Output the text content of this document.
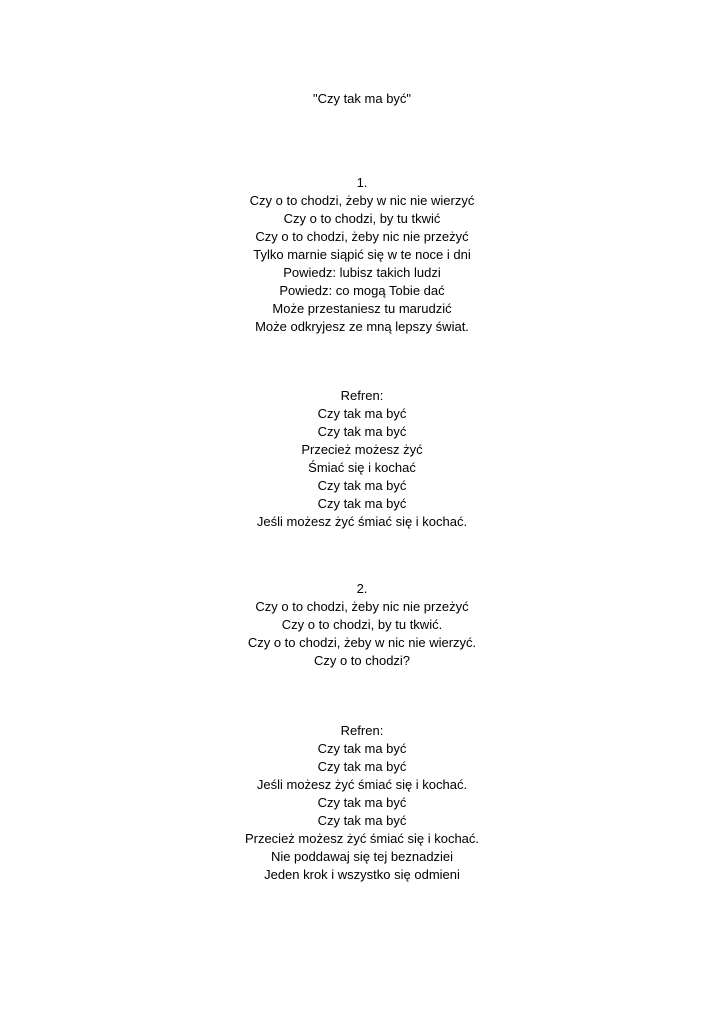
"Czy tak ma być"
1.
Czy o to chodzi, żeby w nic nie wierzyć
Czy o to chodzi, by tu tkwić
Czy o to chodzi, żeby nic nie przeżyć
Tylko marnie siąpić się w te noce i dni
Powiedz: lubisz takich ludzi
Powiedz: co mogą Tobie dać
Może przestaniesz tu marudzić
Może odkryjesz ze mną lepszy świat.
Refren:
Czy tak ma być
Czy tak ma być
Przecież możesz żyć
Śmiać się i kochać
Czy tak ma być
Czy tak ma być
Jeśli możesz żyć śmiać się i kochać.
2.
Czy o to chodzi, żeby nic nie przeżyć
Czy o to chodzi, by tu tkwić.
Czy o to chodzi, żeby w nic nie wierzyć.
Czy o to chodzi?
Refren:
Czy tak ma być
Czy tak ma być
Jeśli możesz żyć śmiać się i kochać.
Czy tak ma być
Czy tak ma być
Przecież możesz żyć śmiać się i kochać.
Nie poddawaj się tej beznadziei
Jeden krok i wszystko się odmieni
